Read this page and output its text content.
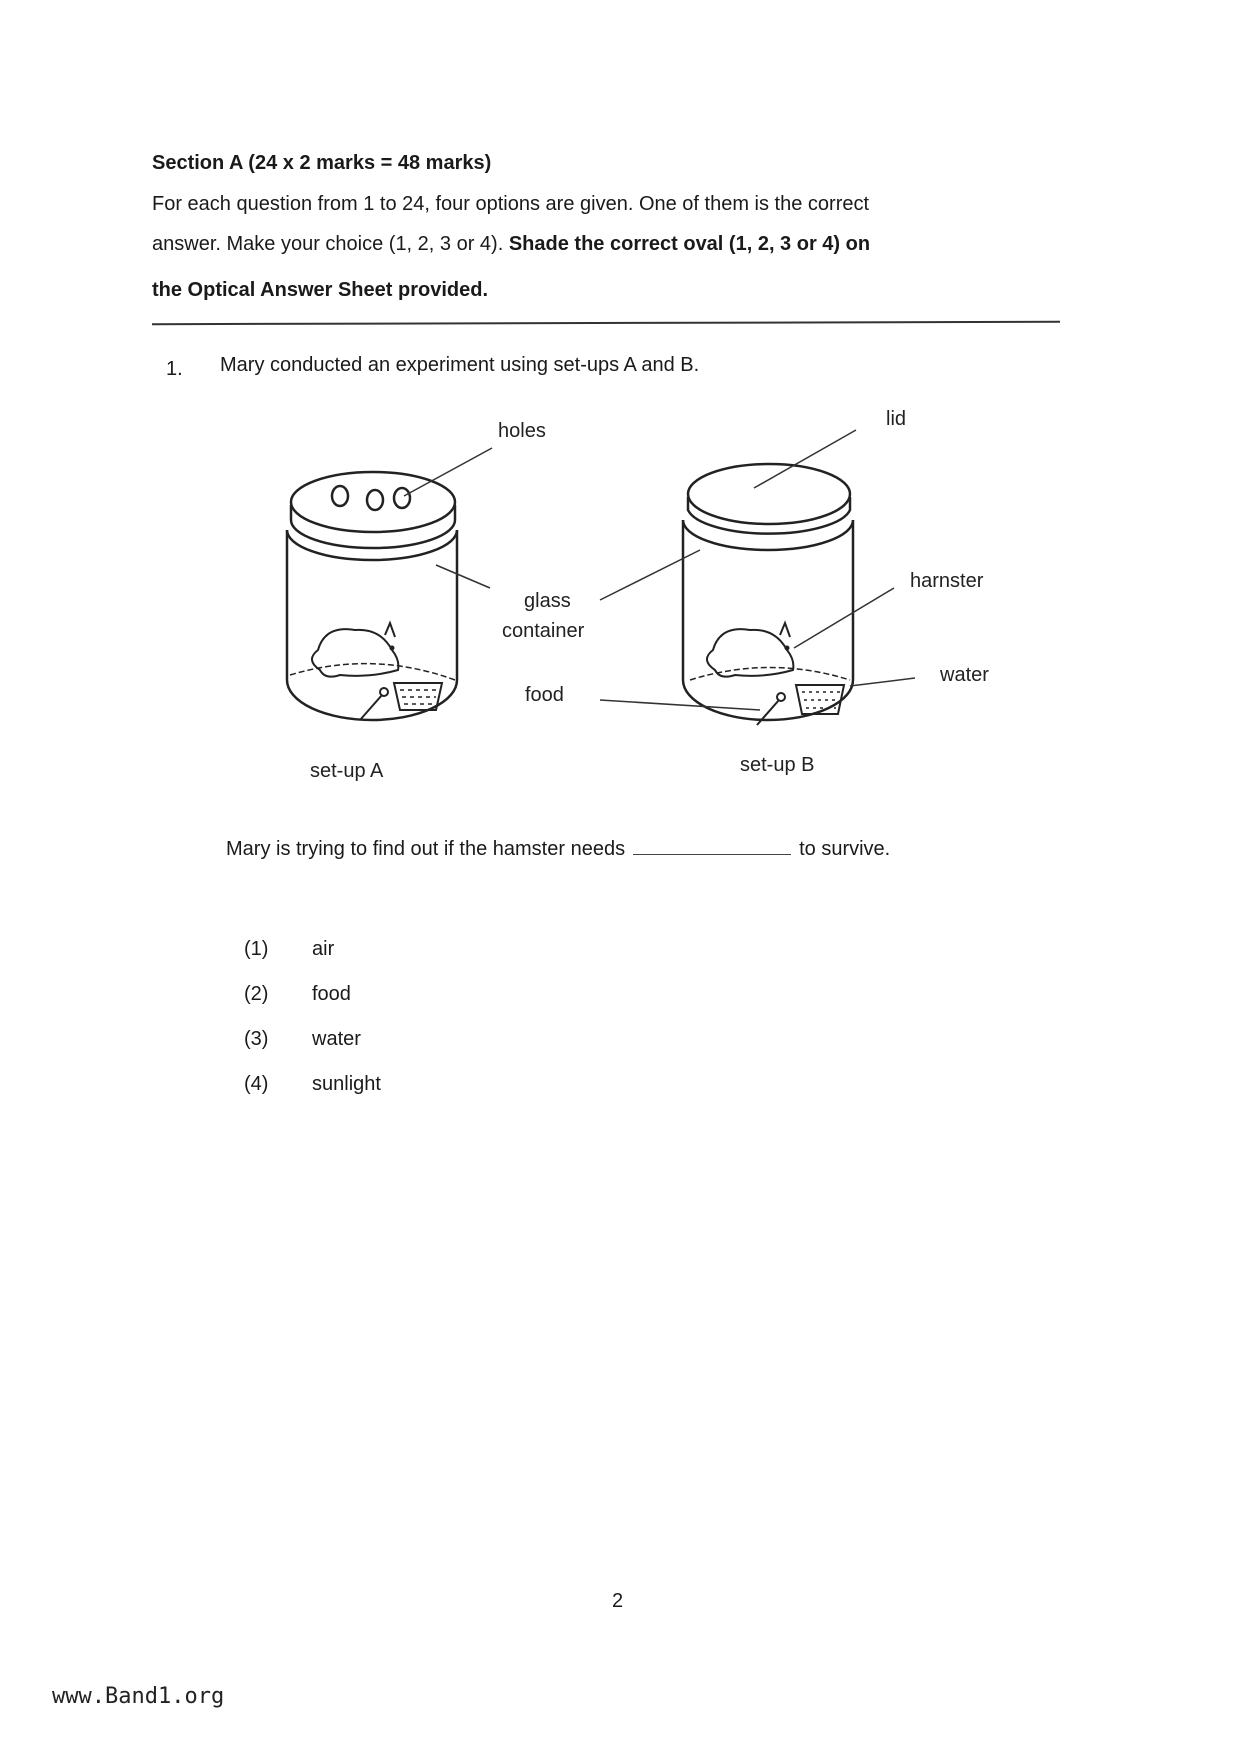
Section A (24 x 2 marks = 48 marks)
For each question from 1 to 24, four options are given. One of them is the correct
answer. Make your choice (1, 2, 3 or 4). Shade the correct oval (1, 2, 3 or 4) on
the Optical Answer Sheet provided.
1. Mary conducted an experiment using set-ups A and B.
holes
lid
glass
container
harnster
water
food
set-up A	set-up B
Mary is trying to find out if the hamster needs	to survive.
(1) air
(2) food
(3) water
(4) sunlight
2
www.Band1.org
